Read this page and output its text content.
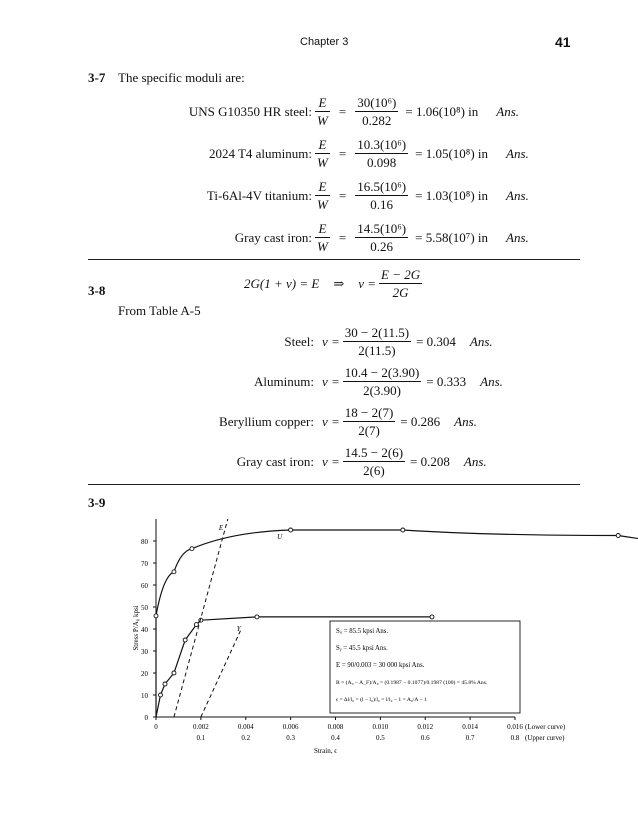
Chapter 3	41
3-7 The specific moduli are:
UNS G10350 HR steel: $\frac{E}{W} = \frac{\text{30(10⁶)}}{0.282} = 1.06(10^8)$ in Ans.
2024 T4 aluminum: $\frac{E}{W} = \frac{\text{10.3(10⁶)}}{0.098} = 1.05(10^8)$ in Ans.
Ti-6Al-4V titanium: $\frac{E}{W} = \frac{\text{16.5(10⁶)}}{0.16} = 1.03(10^8)$ in Ans.
Gray cast iron: $\frac{E}{W} = \frac{\text{14.5(10⁶)}}{0.26} = 5.58(10^7)$ in Ans.
3-8	2G(1 + ν) = E ⇒ $\nu = \frac{E - 2G}{2G}$
From Table A-5
Steel: $\nu = \frac{30 - 2(11.5)}{2(11.5)} = 0.304$ Ans.
Aluminum: $\nu = \frac{10.4 - 2(3.90)}{2(3.90)} = 0.333$ Ans.
Beryllium copper: $\nu = \frac{18 - 2(7)}{2(7)} = 0.286$ Ans.
Gray cast iron: $\nu = \frac{14.5 - 2(6)}{2(6)} = 0.208$ Ans.
3-9
0
10
20
30
40
50
60
70
80
0	0.002	0.004	0.006	0.008	0.010	0.012	0.014	0.016
0.1	0.2	0.3	0.4	0.5	0.6	0.7	0.8
(Lower curve)
(Upper curve)
Strain, ϵ
Stress P/A₀ kpsi
E
U
Y	Sᵤ = 85.5 kpsi Ans.
Sᵧ = 45.5 kpsi Ans.
E = 90/0.003 = 30 000 kpsi Ans.
R = (A₀ − A_F)/A₀ = (0.1987 − 0.1077)/0.1987 (100) = 45.8% Ans.
ϵ = Δl/l₀ = (l − l₀)/l₀ = l/l₀ − 1 = A₀/A − 1
